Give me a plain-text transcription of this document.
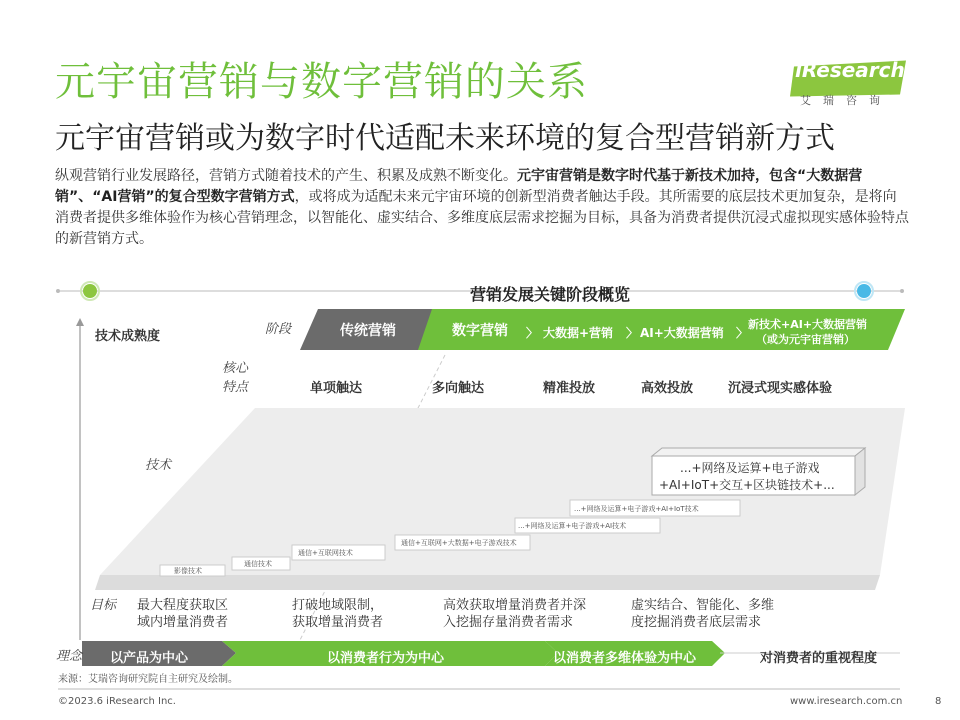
元宇宙营销与数字营销的关系
元宇宙营销或为数字时代适配未来环境的复合型营销新方式
iResearch
艾瑞咨询
纵观营销行业发展路径，营销方式随着技术的产生、积累及成熟不断变化。元宇宙营销是数字时代基于新技术加持，包含“大数据营销”、“AI营销”的复合型数字营销方式，或将成为适配未来元宇宙环境的创新型消费者触达手段。其所需要的底层技术更加复杂，是将向消费者提供多维体验作为核心营销理念，以智能化、虚实结合、多维度底层需求挖掘为目标，具备为消费者提供沉浸式虚拟现实感体验特点的新营销方式。
营销发展关键阶段概览
技术成熟度	阶段	传统营销	数字营销 〉 大数据+营销 〉 AI+大数据营销 〉
新技术+AI+大数据营销
（或为元宇宙营销）
核心
特点	单项触达	多向触达	精准投放	高效投放	沉浸式现实感体验
技术
影像技术
通信技术
通信+互联网技术
通信+互联网+大数据+电子游戏技术
...+网络及运算+电子游戏+AI技术
...+网络及运算+电子游戏+AI+IoT技术
...+网络及运算+电子游戏
+AI+IoT+交互+区块链技术+...
目标 最大程度获取区
域内增量消费者
打破地域限制，
获取增量消费者
高效获取增量消费者并深
入挖掘存量消费者需求
虚实结合、智能化、多维
度挖掘消费者底层需求
理念 以产品为中心	以消费者行为为中心	以消费者多维体验为中心	对消费者的重视程度
来源：艾瑞咨询研究院自主研究及绘制。
©2023.6 iResearch Inc.	www.iresearch.com.cn	8
